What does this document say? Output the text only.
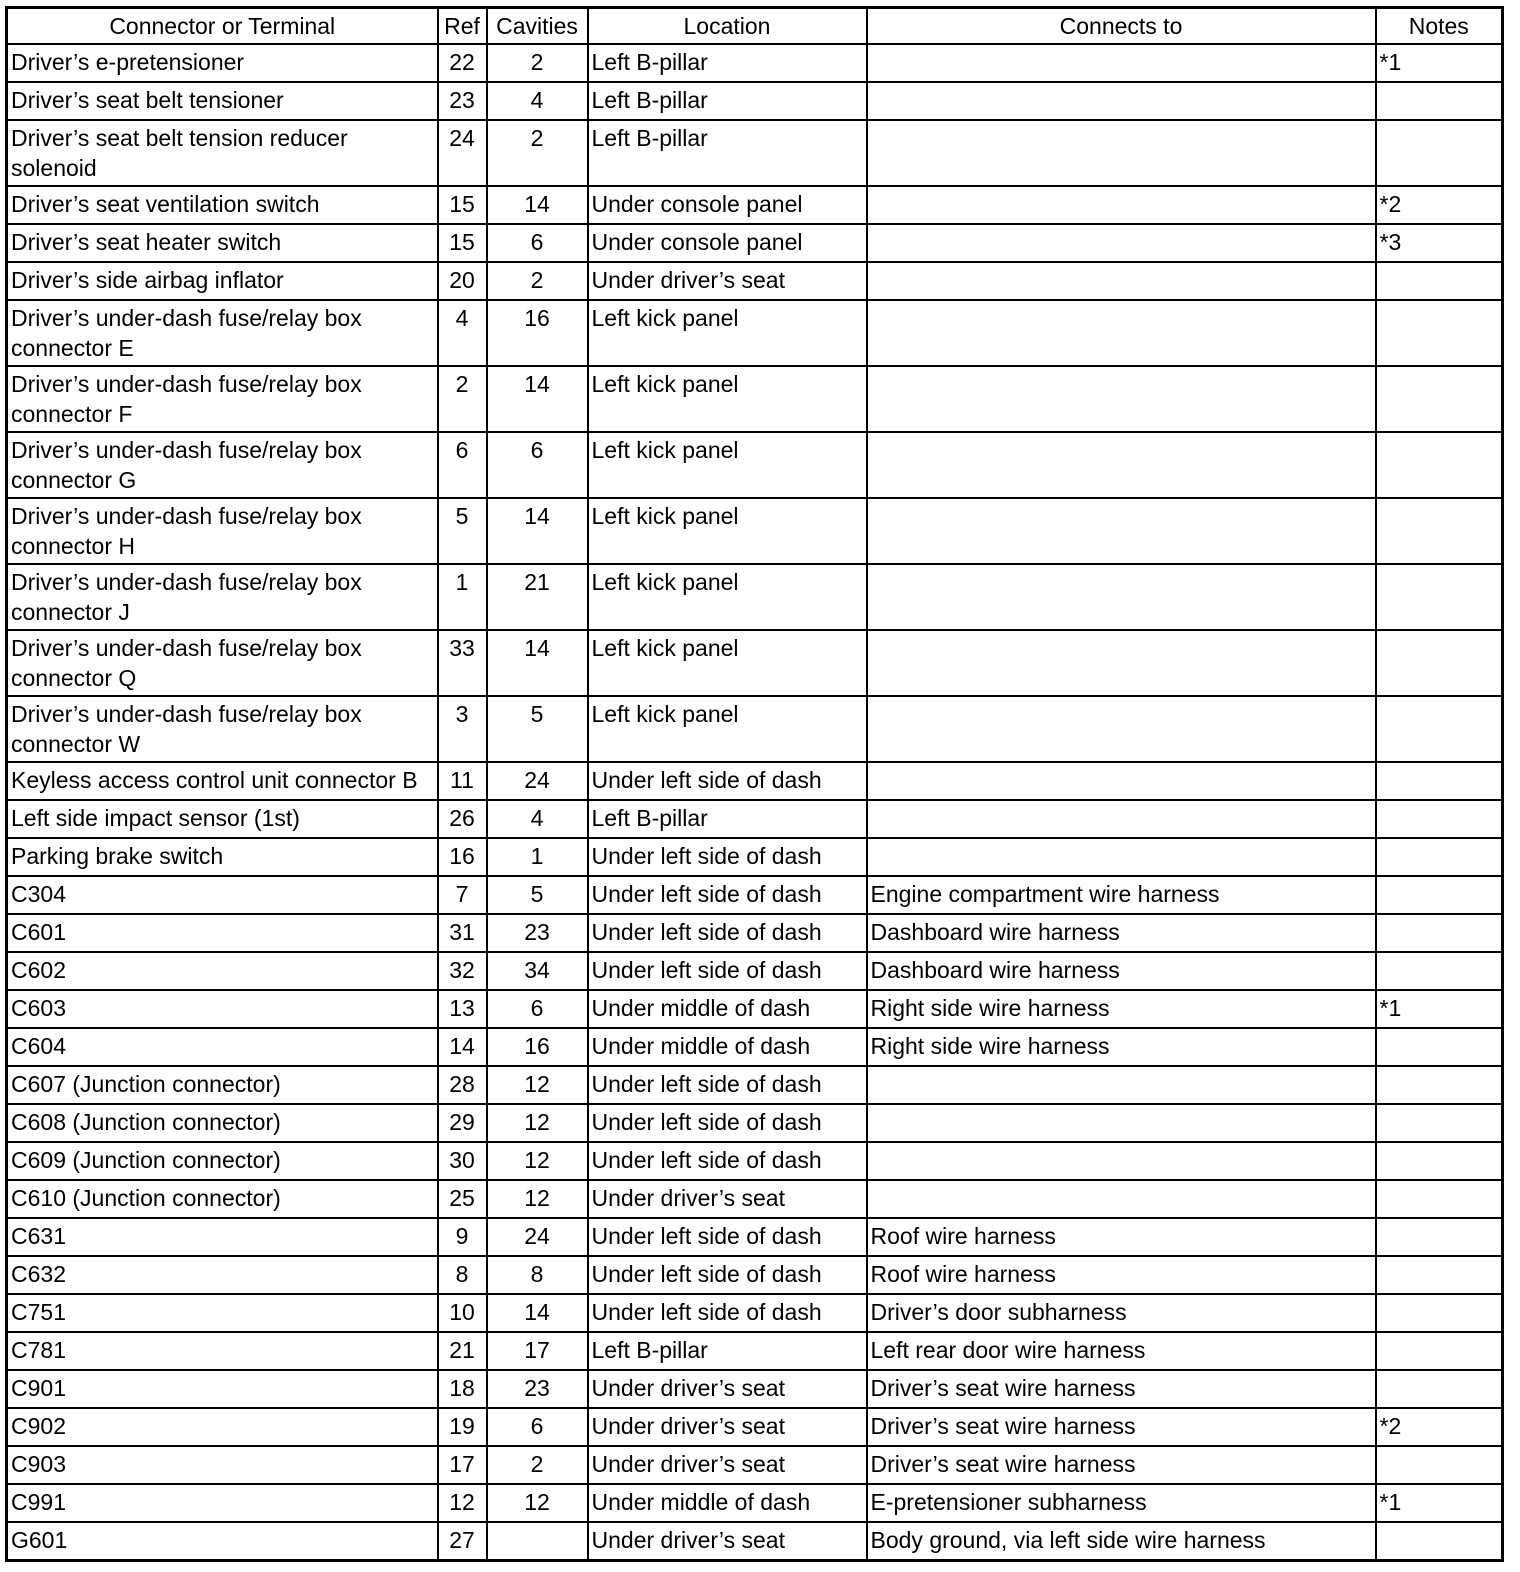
Connector or Terminal	Ref	Cavities	Location	Connects to	Notes
Driver’s e-pretensioner	22	2	Left B-pillar		*1
Driver’s seat belt tensioner	23	4	Left B-pillar		
Driver’s seat belt tension reducer solenoid	24	2	Left B-pillar		
Driver’s seat ventilation switch	15	14	Under console panel		*2
Driver’s seat heater switch	15	6	Under console panel		*3
Driver’s side airbag inflator	20	2	Under driver’s seat		
Driver’s under-dash fuse/relay box connector E	4	16	Left kick panel		
Driver’s under-dash fuse/relay box connector F	2	14	Left kick panel		
Driver’s under-dash fuse/relay box connector G	6	6	Left kick panel		
Driver’s under-dash fuse/relay box connector H	5	14	Left kick panel		
Driver’s under-dash fuse/relay box connector J	1	21	Left kick panel		
Driver’s under-dash fuse/relay box connector Q	33	14	Left kick panel		
Driver’s under-dash fuse/relay box connector W	3	5	Left kick panel		
Keyless access control unit connector B	11	24	Under left side of dash		
Left side impact sensor (1st)	26	4	Left B-pillar		
Parking brake switch	16	1	Under left side of dash		
C304	7	5	Under left side of dash	Engine compartment wire harness	
C601	31	23	Under left side of dash	Dashboard wire harness	
C602	32	34	Under left side of dash	Dashboard wire harness	
C603	13	6	Under middle of dash	Right side wire harness	*1
C604	14	16	Under middle of dash	Right side wire harness	
C607 (Junction connector)	28	12	Under left side of dash		
C608 (Junction connector)	29	12	Under left side of dash		
C609 (Junction connector)	30	12	Under left side of dash		
C610 (Junction connector)	25	12	Under driver’s seat		
C631	9	24	Under left side of dash	Roof wire harness	
C632	8	8	Under left side of dash	Roof wire harness	
C751	10	14	Under left side of dash	Driver’s door subharness	
C781	21	17	Left B-pillar	Left rear door wire harness	
C901	18	23	Under driver’s seat	Driver’s seat wire harness	
C902	19	6	Under driver’s seat	Driver’s seat wire harness	*2
C903	17	2	Under driver’s seat	Driver’s seat wire harness	
C991	12	12	Under middle of dash	E-pretensioner subharness	*1
G601	27		Under driver’s seat	Body ground, via left side wire harness	
